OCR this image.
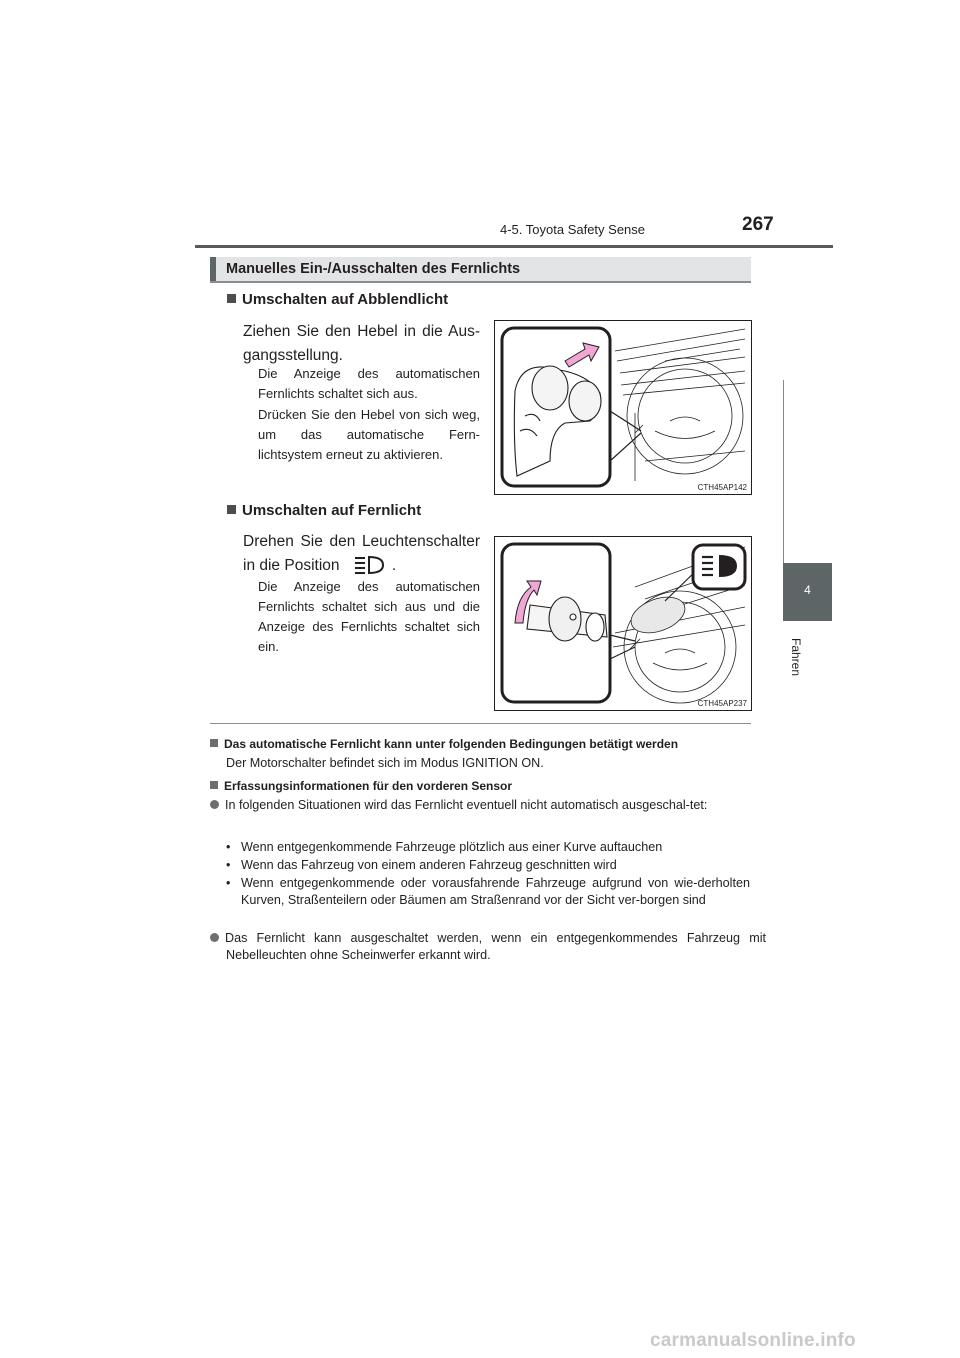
4-5. Toyota Safety Sense	267
4
Fahren
Manuelles Ein-/Ausschalten des Fernlichts
Umschalten auf Abblendlicht
Ziehen Sie den Hebel in die Aus-gangsstellung.
Die Anzeige des automatischen Fernlichts schaltet sich aus.
Drücken Sie den Hebel von sich weg, um das automatische Fern-lichtsystem erneut zu aktivieren.
CTH45AP142
Umschalten auf Fernlicht
Drehen Sie den Leuchtenschalter in die Position	.
Die Anzeige des automatischen Fernlichts schaltet sich aus und die Anzeige des Fernlichts schaltet sich ein.
CTH45AP237
Das automatische Fernlicht kann unter folgenden Bedingungen betätigt werden
Der Motorschalter befindet sich im Modus IGNITION ON.
Erfassungsinformationen für den vorderen Sensor
In folgenden Situationen wird das Fernlicht eventuell nicht automatisch ausgeschal-tet:
• Wenn entgegenkommende Fahrzeuge plötzlich aus einer Kurve auftauchen
• Wenn das Fahrzeug von einem anderen Fahrzeug geschnitten wird
• Wenn entgegenkommende oder vorausfahrende Fahrzeuge aufgrund von wie-derholten Kurven, Straßenteilern oder Bäumen am Straßenrand vor der Sicht ver-borgen sind
Das Fernlicht kann ausgeschaltet werden, wenn ein entgegenkommendes Fahrzeug mit Nebelleuchten ohne Scheinwerfer erkannt wird.
carmanualsonline.info
